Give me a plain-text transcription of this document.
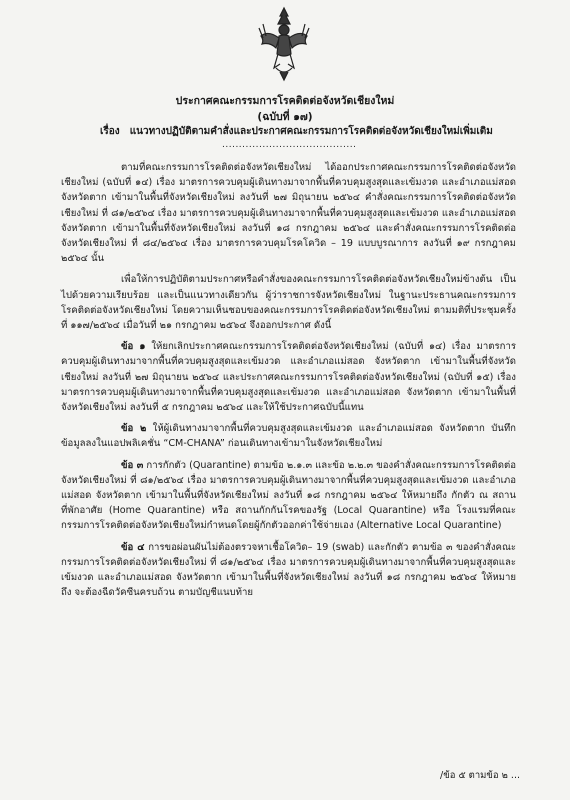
ประกาศคณะกรรมการโรคติดต่อจังหวัดเชียงใหม่
(ฉบับที่ ๑๗)
เรื่อง แนวทางปฏิบัติตามคำสั่งและประกาศคณะกรรมการโรคติดต่อจังหวัดเชียงใหม่เพิ่มเติม
........................................

ตามที่คณะกรรมการโรคติดต่อจังหวัดเชียงใหม่ ได้ออกประกาศคณะกรรมการโรคติดต่อจังหวัดเชียงใหม่ (ฉบับที่ ๑๔) เรื่อง มาตรการควบคุมผู้เดินทางมาจากพื้นที่ควบคุมสูงสุดและเข้มงวด และอำเภอแม่สอด จังหวัดตาก เข้ามาในพื้นที่จังหวัดเชียงใหม่ ลงวันที่ ๒๗ มิถุนายน ๒๕๖๔ คำสั่งคณะกรรมการโรคติดต่อจังหวัดเชียงใหม่ ที่ ๘๑/๒๕๖๔ เรื่อง มาตรการควบคุมผู้เดินทางมาจากพื้นที่ควบคุมสูงสุดและเข้มงวด และอำเภอแม่สอด จังหวัดตาก เข้ามาในพื้นที่จังหวัดเชียงใหม่ ลงวันที่ ๑๘ กรกฎาคม ๒๕๖๔ และคำสั่งคณะกรรมการโรคติดต่อจังหวัดเชียงใหม่ ที่ ๘๔/๒๕๖๔ เรื่อง มาตรการควบคุมโรคโควิด – 19 แบบบูรณาการ ลงวันที่ ๑๙ กรกฎาคม ๒๕๖๔ นั้น

เพื่อให้การปฏิบัติตามประกาศหรือคำสั่งของคณะกรรมการโรคติดต่อจังหวัดเชียงใหม่ข้างต้น เป็นไปด้วยความเรียบร้อย และเป็นแนวทางเดียวกัน ผู้ว่าราชการจังหวัดเชียงใหม่ ในฐานะประธานคณะกรรมการโรคติดต่อจังหวัดเชียงใหม่ โดยความเห็นชอบของคณะกรรมการโรคติดต่อจังหวัดเชียงใหม่ ตามมติที่ประชุมครั้งที่ ๑๑๗/๒๕๖๔ เมื่อวันที่ ๒๑ กรกฎาคม ๒๕๖๔ จึงออกประกาศ ดังนี้

ข้อ ๑ ให้ยกเลิกประกาศคณะกรรมการโรคติดต่อจังหวัดเชียงใหม่ (ฉบับที่ ๑๔) เรื่อง มาตรการควบคุมผู้เดินทางมาจากพื้นที่ควบคุมสูงสุดและเข้มงวด และอำเภอแม่สอด จังหวัดตาก เข้ามาในพื้นที่จังหวัดเชียงใหม่ ลงวันที่ ๒๗ มิถุนายน ๒๕๖๔ และประกาศคณะกรรมการโรคติดต่อจังหวัดเชียงใหม่ (ฉบับที่ ๑๕) เรื่อง มาตรการควบคุมผู้เดินทางมาจากพื้นที่ควบคุมสูงสุดและเข้มงวด และอำเภอแม่สอด จังหวัดตาก เข้ามาในพื้นที่จังหวัดเชียงใหม่ ลงวันที่ ๕ กรกฎาคม ๒๕๖๔ และให้ใช้ประกาศฉบับนี้แทน

ข้อ ๒ ให้ผู้เดินทางมาจากพื้นที่ควบคุมสูงสุดและเข้มงวด และอำเภอแม่สอด จังหวัดตาก บันทึกข้อมูลลงในแอปพลิเคชั่น “CM-CHANA” ก่อนเดินทางเข้ามาในจังหวัดเชียงใหม่

ข้อ ๓ การกักตัว (Quarantine) ตามข้อ ๒.๑.๓ และข้อ ๒.๒.๓ ของคำสั่งคณะกรรมการโรคติดต่อจังหวัดเชียงใหม่ ที่ ๘๑/๒๕๖๔ เรื่อง มาตรการควบคุมผู้เดินทางมาจากพื้นที่ควบคุมสูงสุดและเข้มงวด และอำเภอแม่สอด จังหวัดตาก เข้ามาในพื้นที่จังหวัดเชียงใหม่ ลงวันที่ ๑๘ กรกฎาคม ๒๕๖๔ ให้หมายถึง กักตัว ณ สถานที่พักอาศัย (Home Quarantine) หรือ สถานกักกันโรคของรัฐ (Local Quarantine) หรือ โรงแรมที่คณะกรรมการโรคติดต่อจังหวัดเชียงใหม่กำหนดโดยผู้กักตัวออกค่าใช้จ่ายเอง (Alternative Local Quarantine)

ข้อ ๔ การขอผ่อนผันไม่ต้องตรวจหาเชื้อโควิด– 19 (swab) และกักตัว ตามข้อ ๓ ของคำสั่งคณะกรรมการโรคติดต่อจังหวัดเชียงใหม่ ที่ ๘๑/๒๕๖๔ เรื่อง มาตรการควบคุมผู้เดินทางมาจากพื้นที่ควบคุมสูงสุดและเข้มงวด และอำเภอแม่สอด จังหวัดตาก เข้ามาในพื้นที่จังหวัดเชียงใหม่ ลงวันที่ ๑๘ กรกฎาคม ๒๕๖๔ ให้หมายถึง จะต้องฉีดวัคซีนครบถ้วน ตามบัญชีแนบท้าย

/ข้อ ๕ ตามข้อ ๒ ...
